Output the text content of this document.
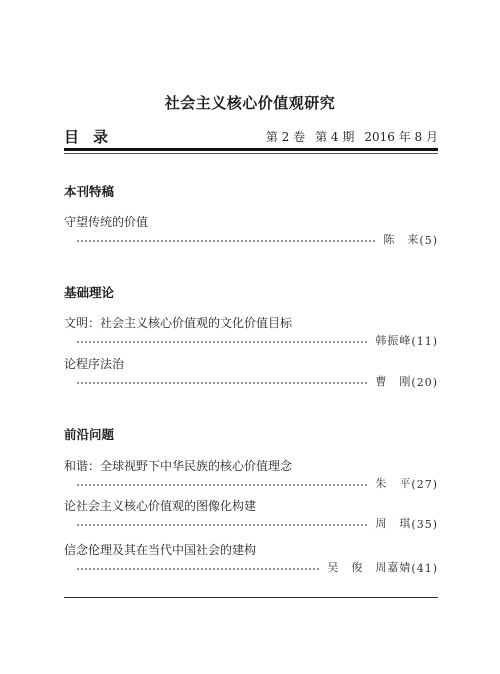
社会主义核心价值观研究
目录	第 2 卷 第 4 期 2016 年 8 月
本刊特稿
守望传统的价值
陈　来 (5)
基础理论
文明：社会主义核心价值观的文化价值目标
韩振峰 (11)
论程序法治
曹　刚 (20)
前沿问题
和谐：全球视野下中华民族的核心价值理念
朱　平 (27)
论社会主义核心价值观的图像化构建
周　琪 (35)
信念伦理及其在当代中国社会的建构
吴　俊　周嘉婧 (41)
